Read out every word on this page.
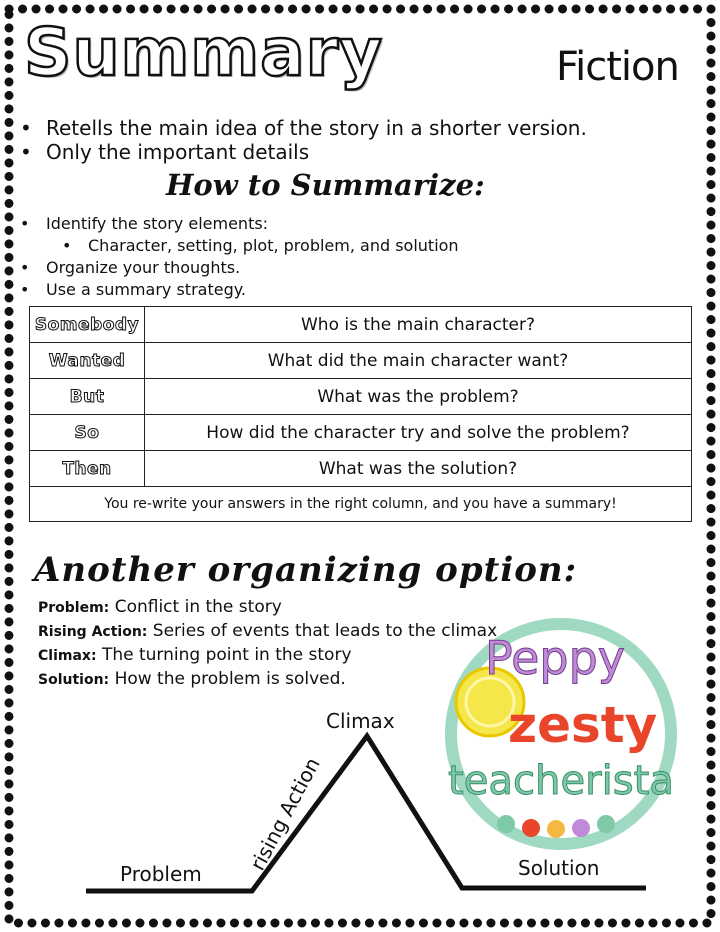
Summary	Fiction
• Retells the main idea of the story in a shorter version.
• Only the important details
How to Summarize:
• Identify the story elements:
• Character, setting, plot, problem, and solution
• Organize your thoughts.
• Use a summary strategy.
Somebody	Who is the main character?
Wanted	What did the main character want?
But	What was the problem?
So	How did the character try and solve the problem?
Then	What was the solution?
You re-write your answers in the right column, and you have a summary!	
Another organizing option:
Problem: Conflict in the story
Rising Action: Series of events that leads to the climax
Climax: The turning point in the story
Solution: How the problem is solved.
Problem rising Action
Climax
Solution
Peppy
zesty
teacherista
